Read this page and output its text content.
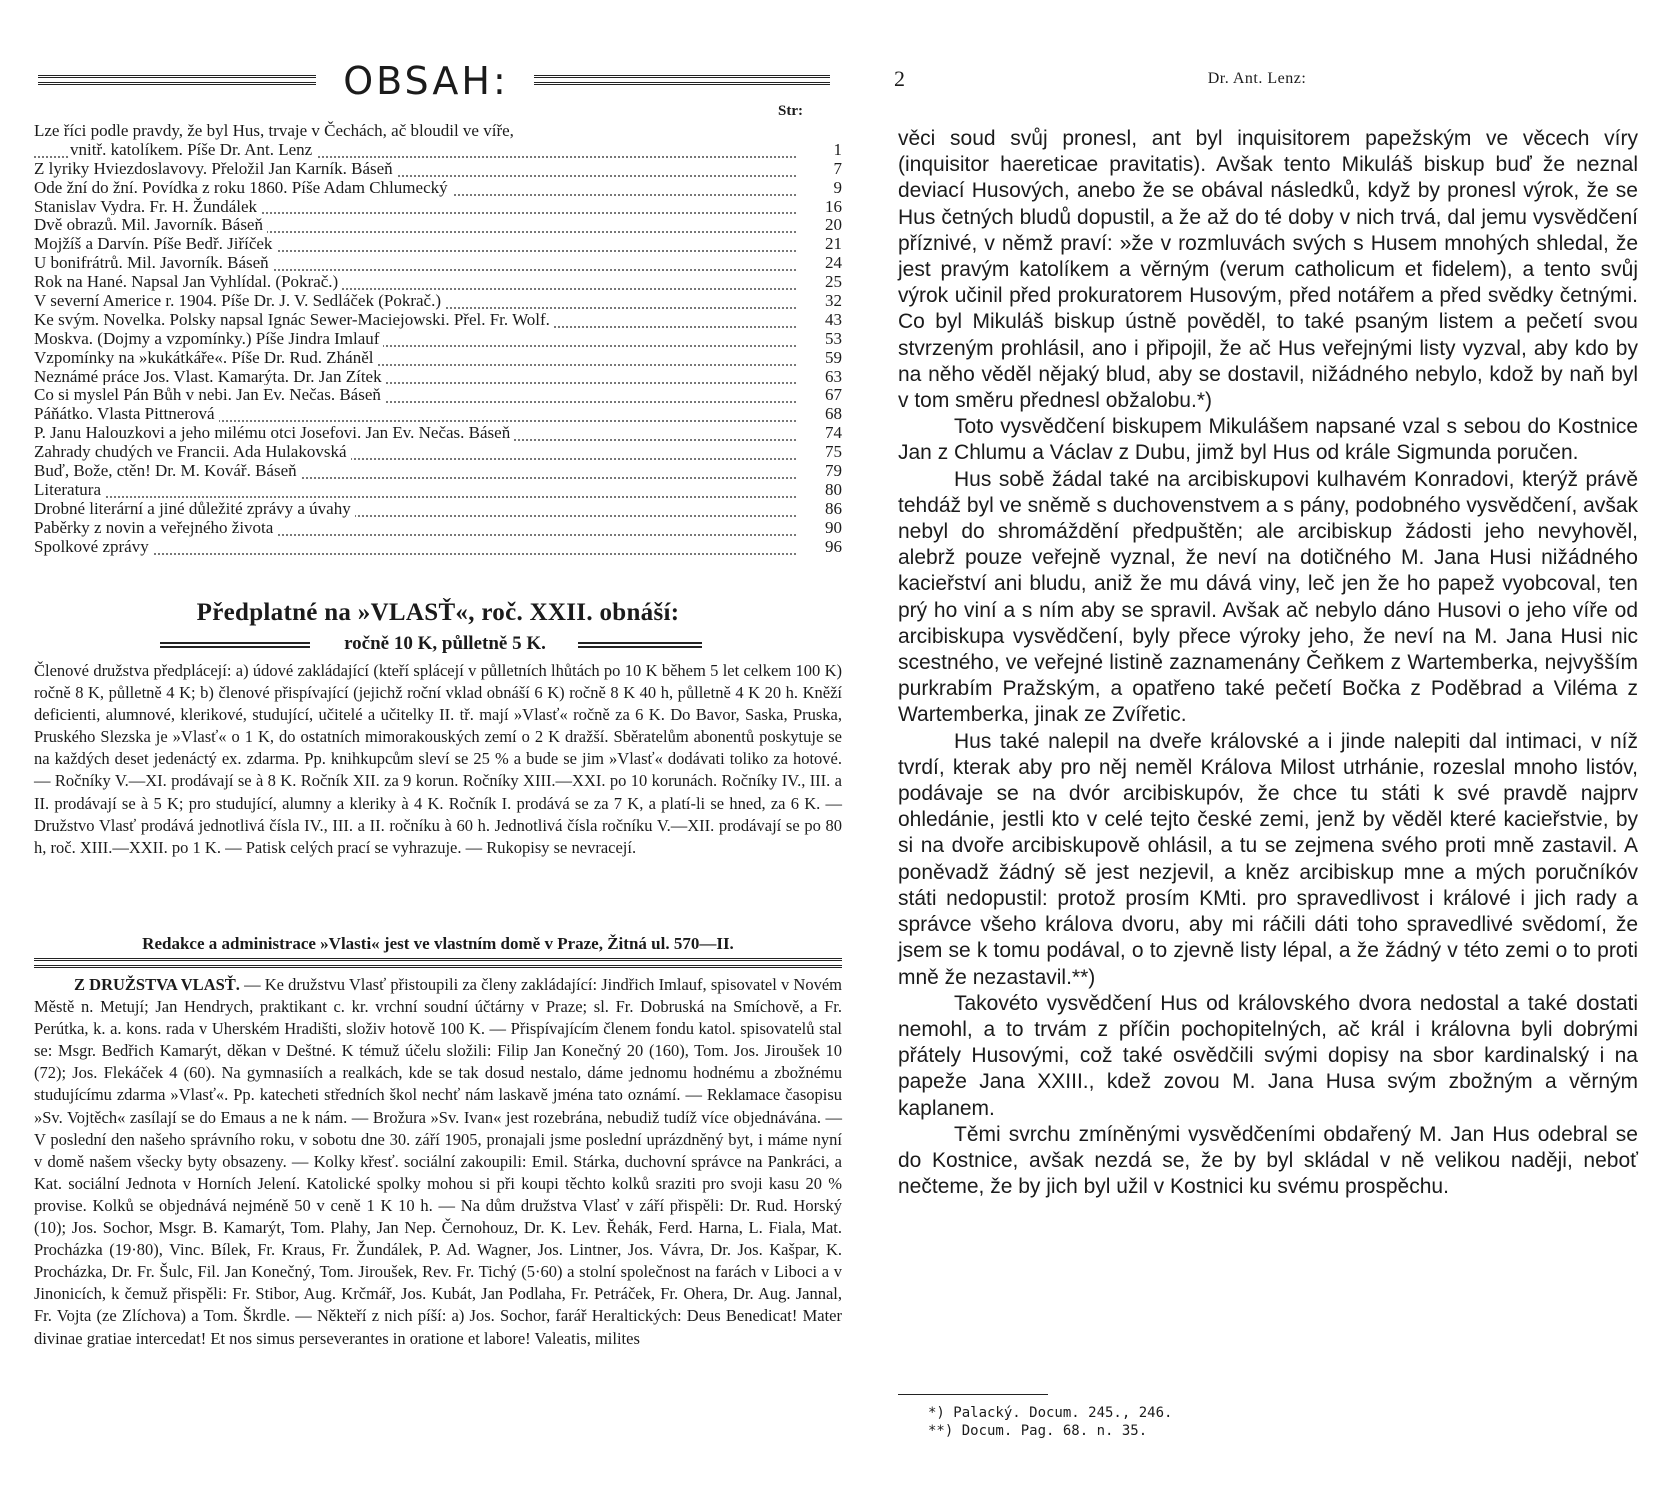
OBSAH:
Str:
Lze říci podle pravdy, že byl Hus, trvaje v Čechách, ač bloudil ve víře,
vnitř. katolíkem. Píše Dr. Ant. Lenz	1
Z lyriky Hviezdoslavovy. Přeložil Jan Karník. Báseň	7
Ode žní do žní. Povídka z roku 1860. Píše Adam Chlumecký	9
Stanislav Vydra. Fr. H. Žundálek	16
Dvě obrazů. Mil. Javorník. Báseň	20
Mojžíš a Darvín. Píše Bedř. Jiříček	21
U bonifrátrů. Mil. Javorník. Báseň	24
Rok na Hané. Napsal Jan Vyhlídal. (Pokrač.)	25
V severní Americe r. 1904. Píše Dr. J. V. Sedláček (Pokrač.)	32
Ke svým. Novelka. Polsky napsal Ignác Sewer-Maciejowski. Přel. Fr. Wolf.	43
Moskva. (Dojmy a vzpomínky.) Píše Jindra Imlauf	53
Vzpomínky na »kukátkáře«. Píše Dr. Rud. Zháněl	59
Neznámé práce Jos. Vlast. Kamarýta. Dr. Jan Zítek	63
Co si myslel Pán Bůh v nebi. Jan Ev. Nečas. Báseň	67
Páňátko. Vlasta Pittnerová	68
P. Janu Halouzkovi a jeho milému otci Josefovi. Jan Ev. Nečas. Báseň	74
Zahrady chudých ve Francii. Ada Hulakovská	75
Buď, Bože, ctěn! Dr. M. Kovář. Báseň	79
Literatura	80
Drobné literární a jiné důležité zprávy a úvahy	86
Paběrky z novin a veřejného života	90
Spolkové zprávy	96
Předplatné na »VLASŤ«, roč. XXII. obnáší:
ročně 10 K, půlletně 5 K.

Členové družstva předplácejí: a) údové zakládající (kteří splácejí v půlletních lhůtách po 10 K během 5 let celkem 100 K) ročně 8 K, půlletně 4 K; b) členové přispívající (jejichž roční vklad obnáší 6 K) ročně 8 K 40 h, půlletně 4 K 20 h. Kněží deficienti, alumnové, klerikové, studující, učitelé a učitelky II. tř. mají »Vlasť« ročně za 6 K. Do Bavor, Saska, Pruska, Pruského Slezska je »Vlasť« o 1 K, do ostatních mimorakouských zemí o 2 K dražší. Sběratelům abonentů poskytuje se na každých deset jedenáctý ex. zdarma. Pp. knihkupcům sleví se 25 % a bude se jim »Vlasť« dodávati toliko za hotové. — Ročníky V.—XI. prodávají se à 8 K. Ročník XII. za 9 korun. Ročníky XIII.—XXI. po 10 korunách. Ročníky IV., III. a II. prodávají se à 5 K; pro studující, alumny a kleriky à 4 K. Ročník I. prodává se za 7 K, a platí-li se hned, za 6 K. — Družstvo Vlasť prodává jednotlivá čísla IV., III. a II. ročníku à 60 h. Jednotlivá čísla ročníku V.—XII. prodávají se po 80 h, roč. XIII.—XXII. po 1 K. — Patisk celých prací se vyhrazuje. — Rukopisy se nevracejí.

Redakce a administrace »Vlasti« jest ve vlastním domě v Praze, Žitná ul. 570—II.

Z DRUŽSTVA VLASŤ. — Ke družstvu Vlasť přistoupili za členy zakládající: Jindřich Imlauf, spisovatel v Novém Městě n. Metují; Jan Hendrych, praktikant c. kr. vrchní soudní účtárny v Praze; sl. Fr. Dobruská na Smíchově, a Fr. Perútka, k. a. kons. rada v Uherském Hradišti, složiv hotově 100 K. — Přispívajícím členem fondu katol. spisovatelů stal se: Msgr. Bedřich Kamarýt, děkan v Deštné. K témuž účelu složili: Filip Jan Konečný 20 (160), Tom. Jos. Jiroušek 10 (72); Jos. Flekáček 4 (60). Na gymnasiích a realkách, kde se tak dosud nestalo, dáme jednomu hodnému a zbožnému studujícímu zdarma »Vlasť«. Pp. katecheti středních škol nechť nám laskavě jména tato oznámí. — Reklamace časopisu »Sv. Vojtěch« zasílají se do Emaus a ne k nám. — Brožura »Sv. Ivan« jest rozebrána, nebudiž tudíž více objednávána. — V poslední den našeho správního roku, v sobotu dne 30. září 1905, pronajali jsme poslední uprázdněný byt, i máme nyní v domě našem všecky byty obsazeny. — Kolky křesť. sociální zakoupili: Emil. Stárka, duchovní správce na Pankráci, a Kat. sociální Jednota v Horních Jelení. Katolické spolky mohou si při koupi těchto kolků sraziti pro svoji kasu 20 % provise. Kolků se objednává nejméně 50 v ceně 1 K 10 h. — Na dům družstva Vlasť v září přispěli: Dr. Rud. Horský (10); Jos. Sochor, Msgr. B. Kamarýt, Tom. Plahy, Jan Nep. Černohouz, Dr. K. Lev. Řehák, Ferd. Harna, L. Fiala, Mat. Procházka (19·80), Vinc. Bílek, Fr. Kraus, Fr. Žundálek, P. Ad. Wagner, Jos. Lintner, Jos. Vávra, Dr. Jos. Kašpar, K. Procházka, Dr. Fr. Šulc, Fil. Jan Konečný, Tom. Jiroušek, Rev. Fr. Tichý (5·60) a stolní společnost na farách v Liboci a v Jinonicích, k čemuž přispěli: Fr. Stibor, Aug. Krčmář, Jos. Kubát, Jan Podlaha, Fr. Petráček, Fr. Ohera, Dr. Aug. Jannal, Fr. Vojta (ze Zlíchova) a Tom. Škrdle. — Někteří z nich píší: a) Jos. Sochor, farář Heraltických: Deus Benedicat! Mater divinae gratiae intercedat! Et nos simus perseverantes in oratione et labore! Valeatis, milites

2	Dr. Ant. Lenz:

věci soud svůj pronesl, ant byl inquisitorem papežským ve věcech víry (inquisitor haereticae pravitatis). Avšak tento Mikuláš biskup buď že neznal deviací Husových, anebo že se obával následků, když by pronesl výrok, že se Hus četných bludů dopustil, a že až do té doby v nich trvá, dal jemu vysvědčení příznivé, v němž praví: »že v rozmluvách svých s Husem mnohých shledal, že jest pravým katolíkem a věrným (verum catholicum et fidelem), a tento svůj výrok učinil před prokuratorem Husovým, před notářem a před svědky četnými. Co byl Mikuláš biskup ústně pověděl, to také psaným listem a pečetí svou stvrzeným prohlásil, ano i připojil, že ač Hus veřejnými listy vyzval, aby kdo by na něho věděl nějaký blud, aby se dostavil, nižádného nebylo, kdož by naň byl v tom směru přednesl obžalobu.*)

Toto vysvědčení biskupem Mikulášem napsané vzal s sebou do Kostnice Jan z Chlumu a Václav z Dubu, jimž byl Hus od krále Sigmunda poručen.

Hus sobě žádal také na arcibiskupovi kulhavém Konradovi, kterýž právě tehdáž byl ve sněmě s duchovenstvem a s pány, podobného vysvědčení, avšak nebyl do shromáždění předpuštěn; ale arcibiskup žádosti jeho nevyhověl, alebrž pouze veřejně vyznal, že neví na dotičného M. Jana Husi nižádného kacieřství ani bludu, aniž že mu dává viny, leč jen že ho papež vyobcoval, ten prý ho viní a s ním aby se spravil. Avšak ač nebylo dáno Husovi o jeho víře od arcibiskupa vysvědčení, byly přece výroky jeho, že neví na M. Jana Husi nic scestného, ve veřejné listině zaznamenány Čeňkem z Wartemberka, nejvyšším purkrabím Pražským, a opatřeno také pečetí Bočka z Poděbrad a Viléma z Wartemberka, jinak ze Zvířetic.

Hus také nalepil na dveře královské a i jinde nalepiti dal intimaci, v níž tvrdí, kterak aby pro něj neměl Králova Milost utrhánie, rozeslal mnoho listóv, podávaje se na dvór arcibiskupóv, že chce tu státi k své pravdě najprv ohledánie, jestli kto v celé tejto české zemi, jenž by věděl které kacieřstvie, by si na dvoře arcibiskupově ohlásil, a tu se zejmena svého proti mně zastavil. A poněvadž žádný sě jest nezjevil, a kněz arcibiskup mne a mých poručníkóv státi nedopustil: protož prosím KMti. pro spravedlivost i králové i jich rady a správce všeho králova dvoru, aby mi ráčili dáti toho spravedlivé svědomí, že jsem se k tomu podával, o to zjevně listy lépal, a že žádný v této zemi o to proti mně že nezastavil.**)

Takovéto vysvědčení Hus od královského dvora nedostal a také dostati nemohl, a to trvám z příčin pochopitelných, ač král i královna byli dobrými přátely Husovými, což také osvědčili svými dopisy na sbor kardinalský i na papeže Jana XXIII., kdež zovou M. Jana Husa svým zbožným a věrným kaplanem.

Těmi svrchu zmíněnými vysvědčeními obdařený M. Jan Hus odebral se do Kostnice, avšak nezdá se, že by byl skládal v ně velikou naději, neboť nečteme, že by jich byl užil v Kostnici ku svému prospěchu.

*) Palacký. Docum. 245., 246.
**) Docum. Pag. 68. n. 35.
